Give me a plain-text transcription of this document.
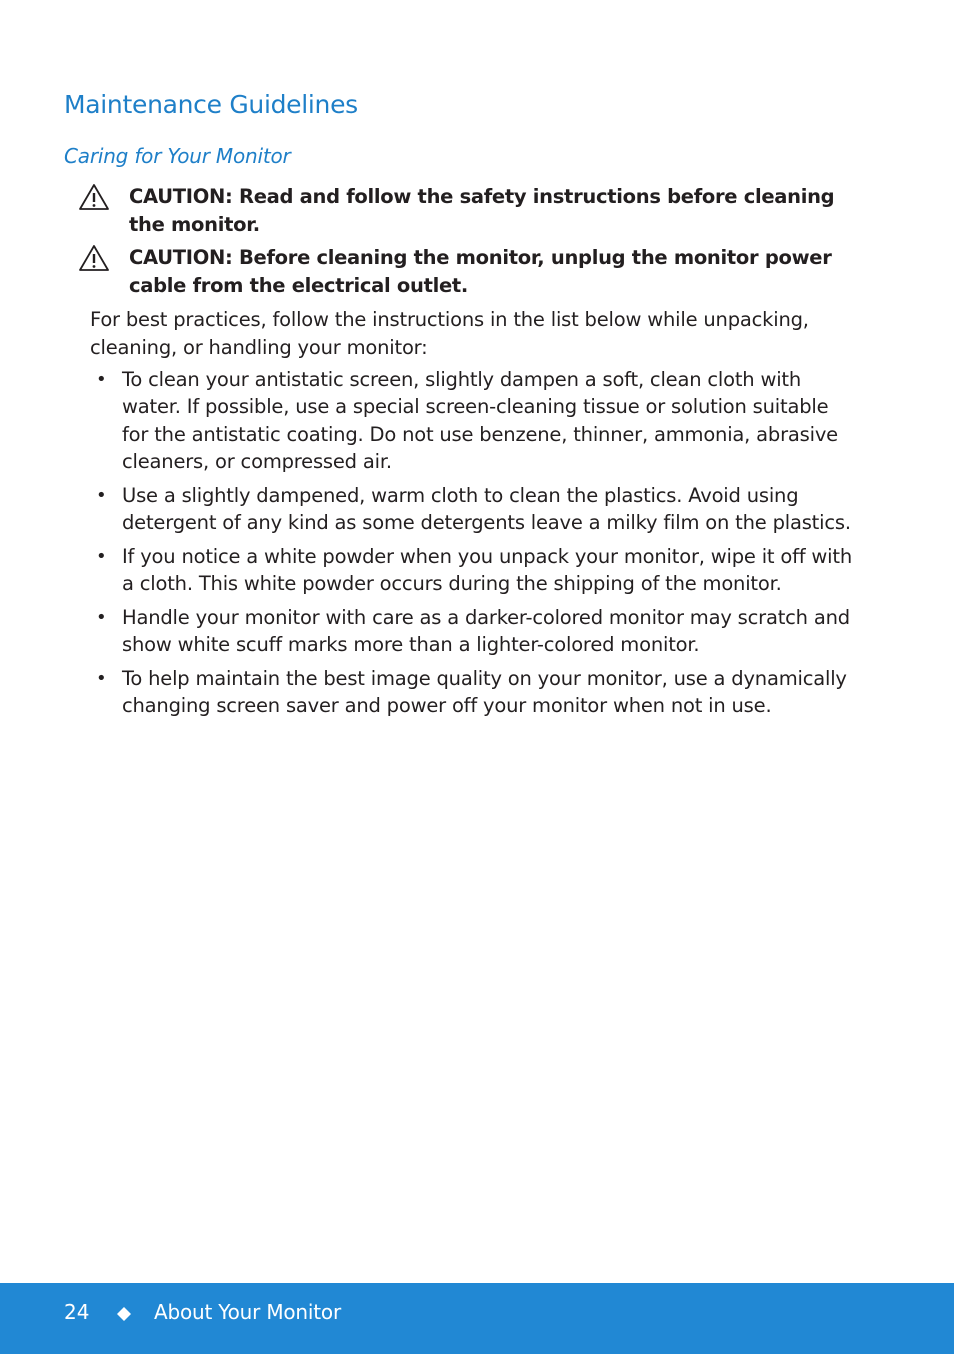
Maintenance Guidelines
Caring for Your Monitor
CAUTION: Read and follow the safety instructions before cleaning the monitor.
CAUTION: Before cleaning the monitor, unplug the monitor power cable from the electrical outlet.

For best practices, follow the instructions in the list below while unpacking, cleaning, or handling your monitor:

• To clean your antistatic screen, slightly dampen a soft, clean cloth with water. If possible, use a special screen-cleaning tissue or solution suitable for the antistatic coating. Do not use benzene, thinner, ammonia, abrasive cleaners, or compressed air.
• Use a slightly dampened, warm cloth to clean the plastics. Avoid using detergent of any kind as some detergents leave a milky film on the plastics.
• If you notice a white powder when you unpack your monitor, wipe it off with a cloth. This white powder occurs during the shipping of the monitor.
• Handle your monitor with care as a darker-colored monitor may scratch and show white scuff marks more than a lighter-colored monitor.
• To help maintain the best image quality on your monitor, use a dynamically changing screen saver and power off your monitor when not in use.
24	About Your Monitor
